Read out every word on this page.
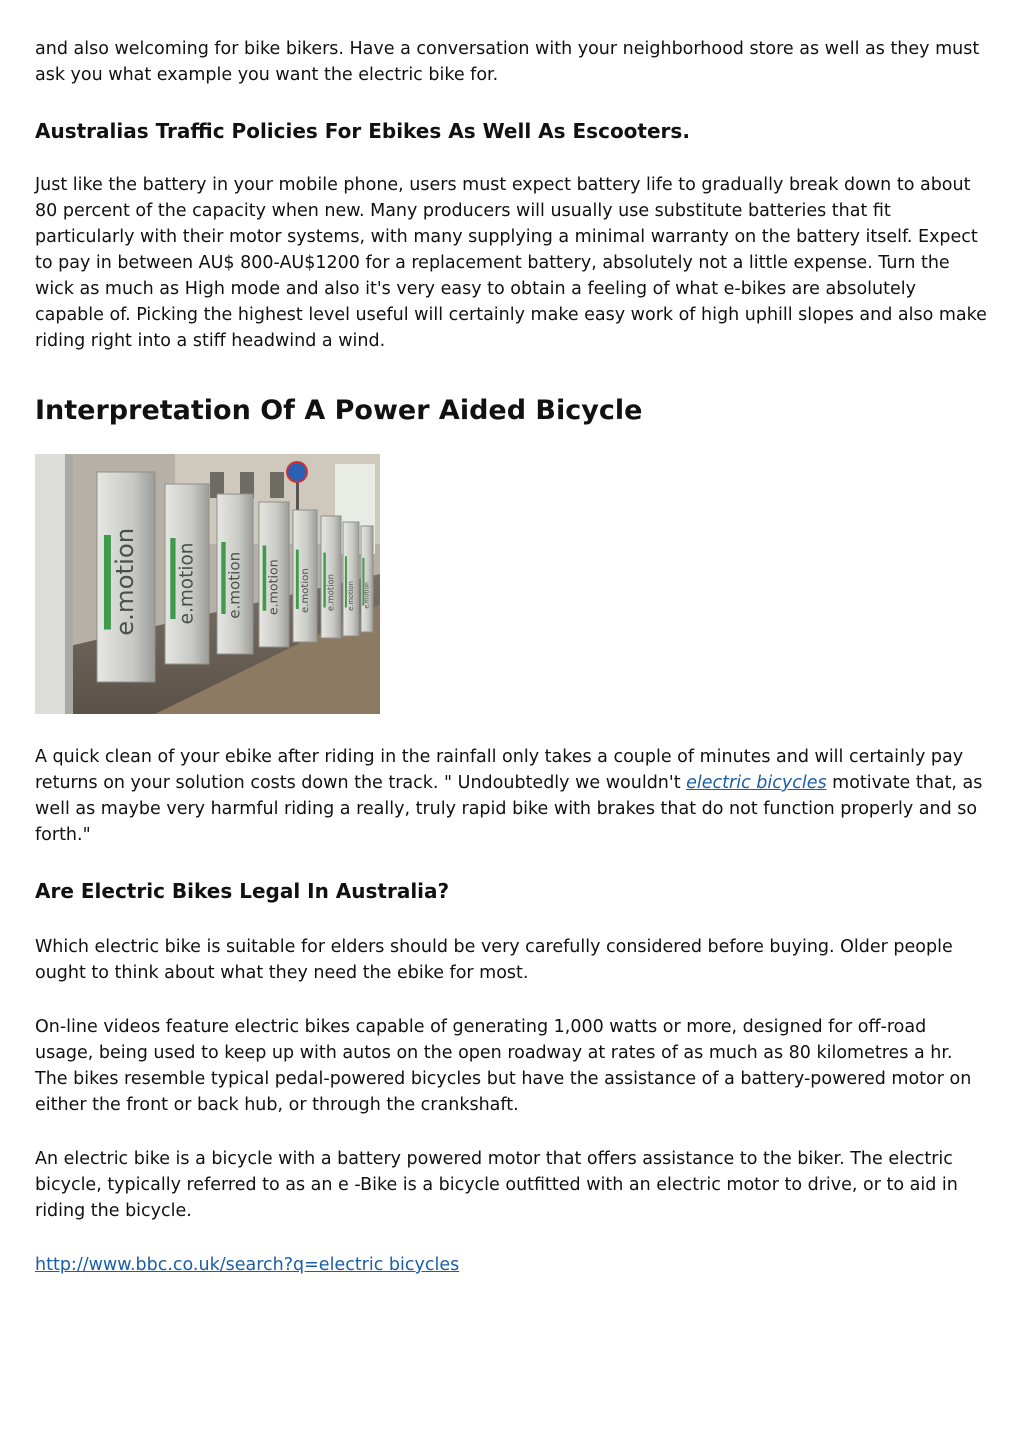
and also welcoming for bike bikers. Have a conversation with your neighborhood store as well as they must ask you what example you want the electric bike for.

Australias Traffic Policies For Ebikes As Well As Escooters.

Just like the battery in your mobile phone, users must expect battery life to gradually break down to about 80 percent of the capacity when new. Many producers will usually use substitute batteries that fit particularly with their motor systems, with many supplying a minimal warranty on the battery itself. Expect to pay in between AU$ 800-AU$1200 for a replacement battery, absolutely not a little expense. Turn the wick as much as High mode and also it's very easy to obtain a feeling of what e-bikes are absolutely capable of. Picking the highest level useful will certainly make easy work of high uphill slopes and also make riding right into a stiff headwind a wind.

Interpretation Of A Power Aided Bicycle
e.motion e.motion e.motion e.motion e.motion e.motion e.motion e.motion

A quick clean of your ebike after riding in the rainfall only takes a couple of minutes and will certainly pay returns on your solution costs down the track. " Undoubtedly we wouldn't electric bicycles motivate that, as well as maybe very harmful riding a really, truly rapid bike with brakes that do not function properly and so forth."

Are Electric Bikes Legal In Australia?

Which electric bike is suitable for elders should be very carefully considered before buying. Older people ought to think about what they need the ebike for most.

On-line videos feature electric bikes capable of generating 1,000 watts or more, designed for off-road usage, being used to keep up with autos on the open roadway at rates of as much as 80 kilometres a hr. The bikes resemble typical pedal-powered bicycles but have the assistance of a battery-powered motor on either the front or back hub, or through the crankshaft.

An electric bike is a bicycle with a battery powered motor that offers assistance to the biker. The electric bicycle, typically referred to as an e -Bike is a bicycle outfitted with an electric motor to drive, or to aid in riding the bicycle.

http://www.bbc.co.uk/search?q=electric bicycles
